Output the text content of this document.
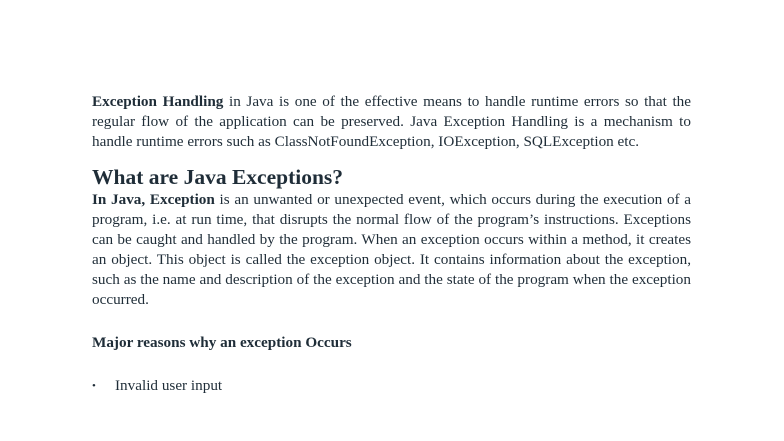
Exception Handling in Java is one of the effective means to handle runtime errors so that the regular flow of the application can be preserved. Java Exception Handling is a mechanism to handle runtime errors such as ClassNotFoundException, IOException, SQLException etc.

What are Java Exceptions?

In Java, Exception is an unwanted or unexpected event, which occurs during the execution of a program, i.e. at run time, that disrupts the normal flow of the program’s instructions. Exceptions can be caught and handled by the program. When an exception occurs within a method, it creates an object. This object is called the exception object. It contains information about the exception, such as the name and description of the exception and the state of the program when the exception occurred.

Major reasons why an exception Occurs

• Invalid user input
